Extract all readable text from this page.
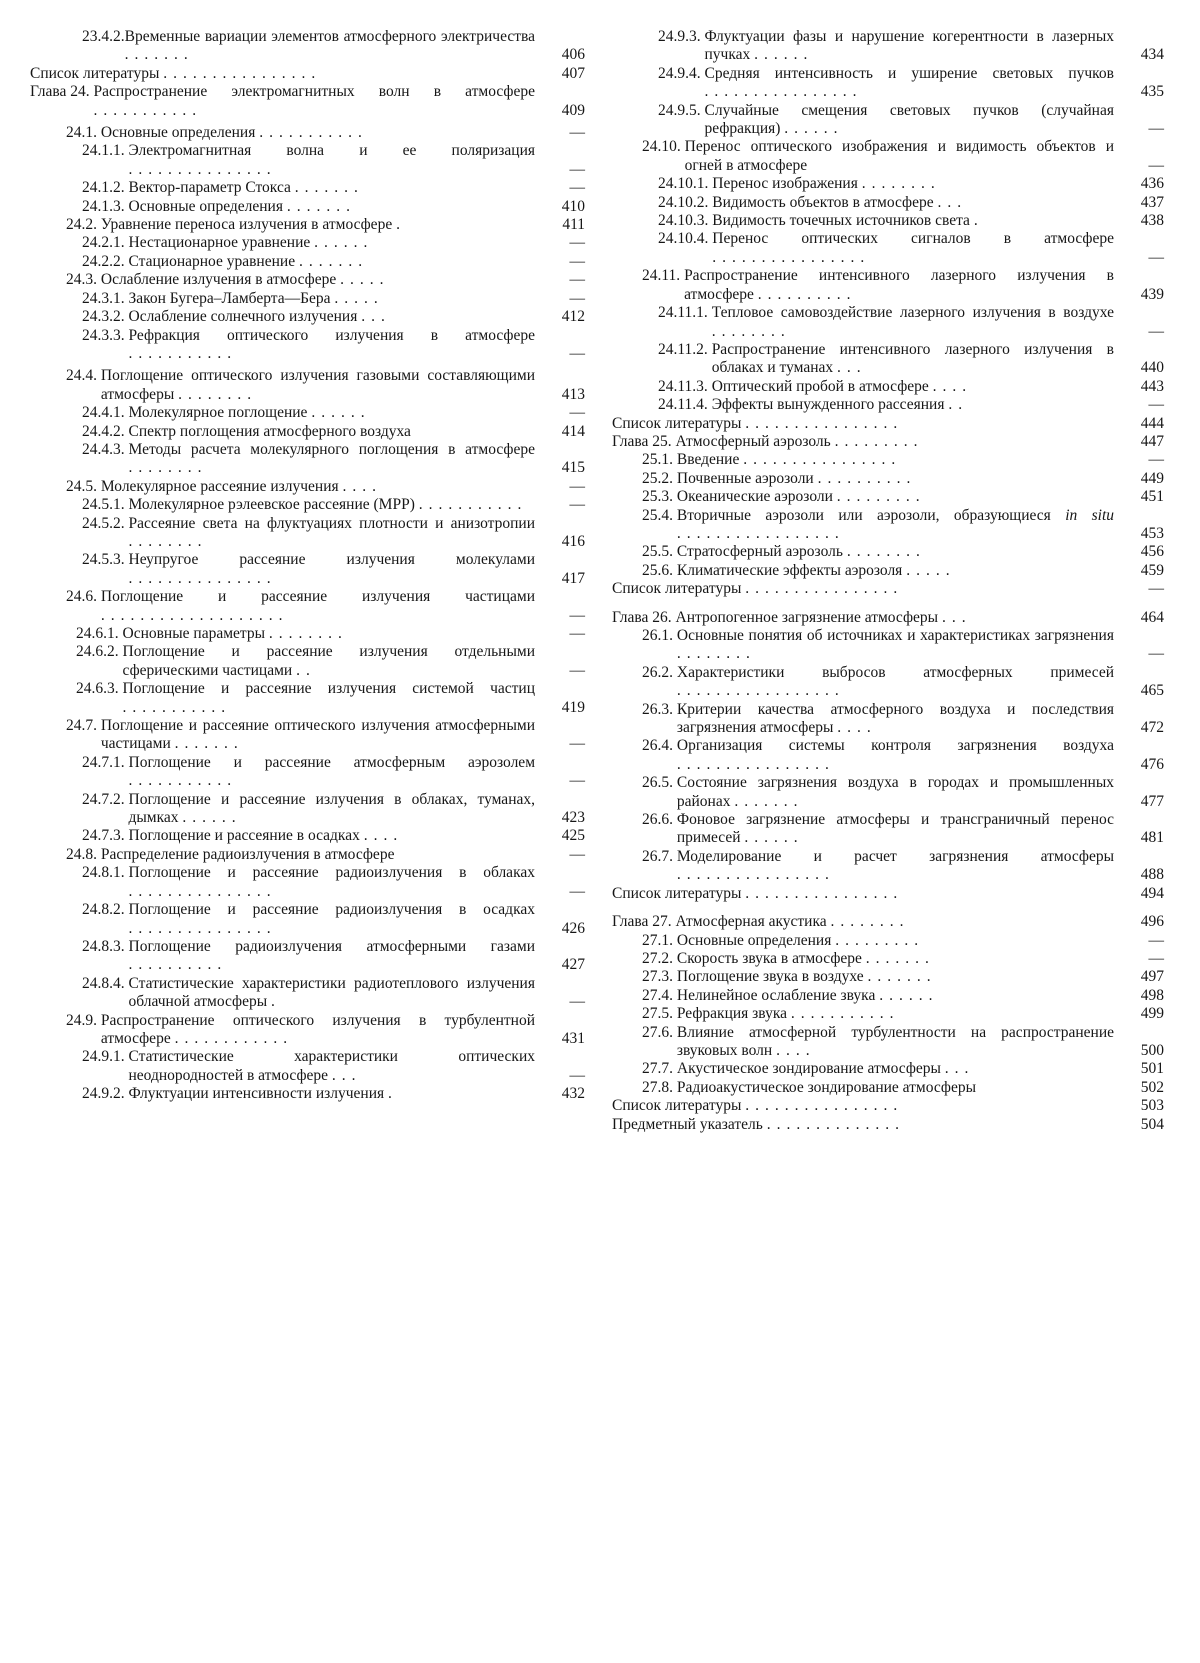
23.4.2. Временные вариации элементов атмосферного электричества .......	406
Список литературы ................	407
Глава 24. Распространение электромагнитных волн в атмосфере ...........	409
24.1. Основные определения ...........	—
24.1.1. Электромагнитная волна и ее поляризация ...............	—
24.1.2. Вектор-параметр Стокса .......	—
24.1.3. Основные определения .......	410
24.2. Уравнение переноса излучения в атмосфере .	411
24.2.1. Нестационарное уравнение ......	—
24.2.2. Стационарное уравнение .......	—
24.3. Ослабление излучения в атмосфере .....	—
24.3.1. Закон Бугера–Ламберта—Бера .....	—
24.3.2. Ослабление солнечного излучения ...	412
24.3.3. Рефракция оптического излучения в атмосфере ...........	—
24.4. Поглощение оптического излучения газовыми составляющими атмосферы ........	413
24.4.1. Молекулярное поглощение ......	—
24.4.2. Спектр поглощения атмосферного воздуха	414
24.4.3. Методы расчета молекулярного поглощения в атмосфере ........	415
24.5. Молекулярное рассеяние излучения ....	—
24.5.1. Молекулярное рэлеевское рассеяние (МРР) ...........	—
24.5.2. Рассеяние света на флуктуациях плотности и анизотропии ........	416
24.5.3. Неупругое рассеяние излучения молекулами ...............	417
24.6. Поглощение и рассеяние излучения частицами ...................	—
24.6.1. Основные параметры ........	—
24.6.2. Поглощение и рассеяние излучения отдельными сферическими частицами ..	—
24.6.3. Поглощение и рассеяние излучения системой частиц ...........	419
24.7. Поглощение и рассеяние оптического излучения атмосферными частицами .......	—
24.7.1. Поглощение и рассеяние атмосферным аэрозолем ...........	—
24.7.2. Поглощение и рассеяние излучения в облаках, туманах, дымках ......	423
24.7.3. Поглощение и рассеяние в осадках ....	425
24.8. Распределение радиоизлучения в атмосфере	—
24.8.1. Поглощение и рассеяние радиоизлучения в облаках ...............	—
24.8.2. Поглощение и рассеяние радиоизлучения в осадках ...............	426
24.8.3. Поглощение радиоизлучения атмосферными газами ..........	427
24.8.4. Статистические характеристики радиотеплового излучения облачной атмосферы .	—
24.9. Распространение оптического излучения в турбулентной атмосфере ............	431
24.9.1. Статистические характеристики оптических неоднородностей в атмосфере ...	—
24.9.2. Флуктуации интенсивности излучения .	432
24.9.3. Флуктуации фазы и нарушение когерентности в лазерных пучках ......	434
24.9.4. Средняя интенсивность и уширение световых пучков ................	435
24.9.5. Случайные смещения световых пучков (случайная рефракция) ......	—
24.10. Перенос оптического изображения и видимость объектов и огней в атмосфере	—
24.10.1. Перенос изображения ........	436
24.10.2. Видимость объектов в атмосфере ...	437
24.10.3. Видимость точечных источников света .	438
24.10.4. Перенос оптических сигналов в атмосфере ................	—
24.11. Распространение интенсивного лазерного излучения в атмосфере ..........	439
24.11.1. Тепловое самовоздействие лазерного излучения в воздухе ........	—
24.11.2. Распространение интенсивного лазерного излучения в облаках и туманах ...	440
24.11.3. Оптический пробой в атмосфере ....	443
24.11.4. Эффекты вынужденного рассеяния ..	—
Список литературы ................	444
Глава 25. Атмосферный аэрозоль .........	447
25.1. Введение ................	—
25.2. Почвенные аэрозоли ..........	449
25.3. Океанические аэрозоли .........	451
25.4. Вторичные аэрозоли или аэрозоли, образующиеся in situ .................	453
25.5. Стратосферный аэрозоль ........	456
25.6. Климатические эффекты аэрозоля .....	459
Список литературы ................	—
Глава 26. Антропогенное загрязнение атмосферы ...	464
26.1. Основные понятия об источниках и характеристиках загрязнения ........	—
26.2. Характеристики выбросов атмосферных примесей .................	465
26.3. Критерии качества атмосферного воздуха и последствия загрязнения атмосферы ....	472
26.4. Организация системы контроля загрязнения воздуха ................	476
26.5. Состояние загрязнения воздуха в городах и промышленных районах .......	477
26.6. Фоновое загрязнение атмосферы и трансграничный перенос примесей ......	481
26.7. Моделирование и расчет загрязнения атмосферы ................	488
Список литературы ................	494
Глава 27. Атмосферная акустика ........	496
27.1. Основные определения .........	—
27.2. Скорость звука в атмосфере .......	—
27.3. Поглощение звука в воздухе .......	497
27.4. Нелинейное ослабление звука ......	498
27.5. Рефракция звука ...........	499
27.6. Влияние атмосферной турбулентности на распространение звуковых волн ....	500
27.7. Акустическое зондирование атмосферы ...	501
27.8. Радиоакустическое зондирование атмосферы	502
Список литературы ................	503
Предметный указатель ..............	504
